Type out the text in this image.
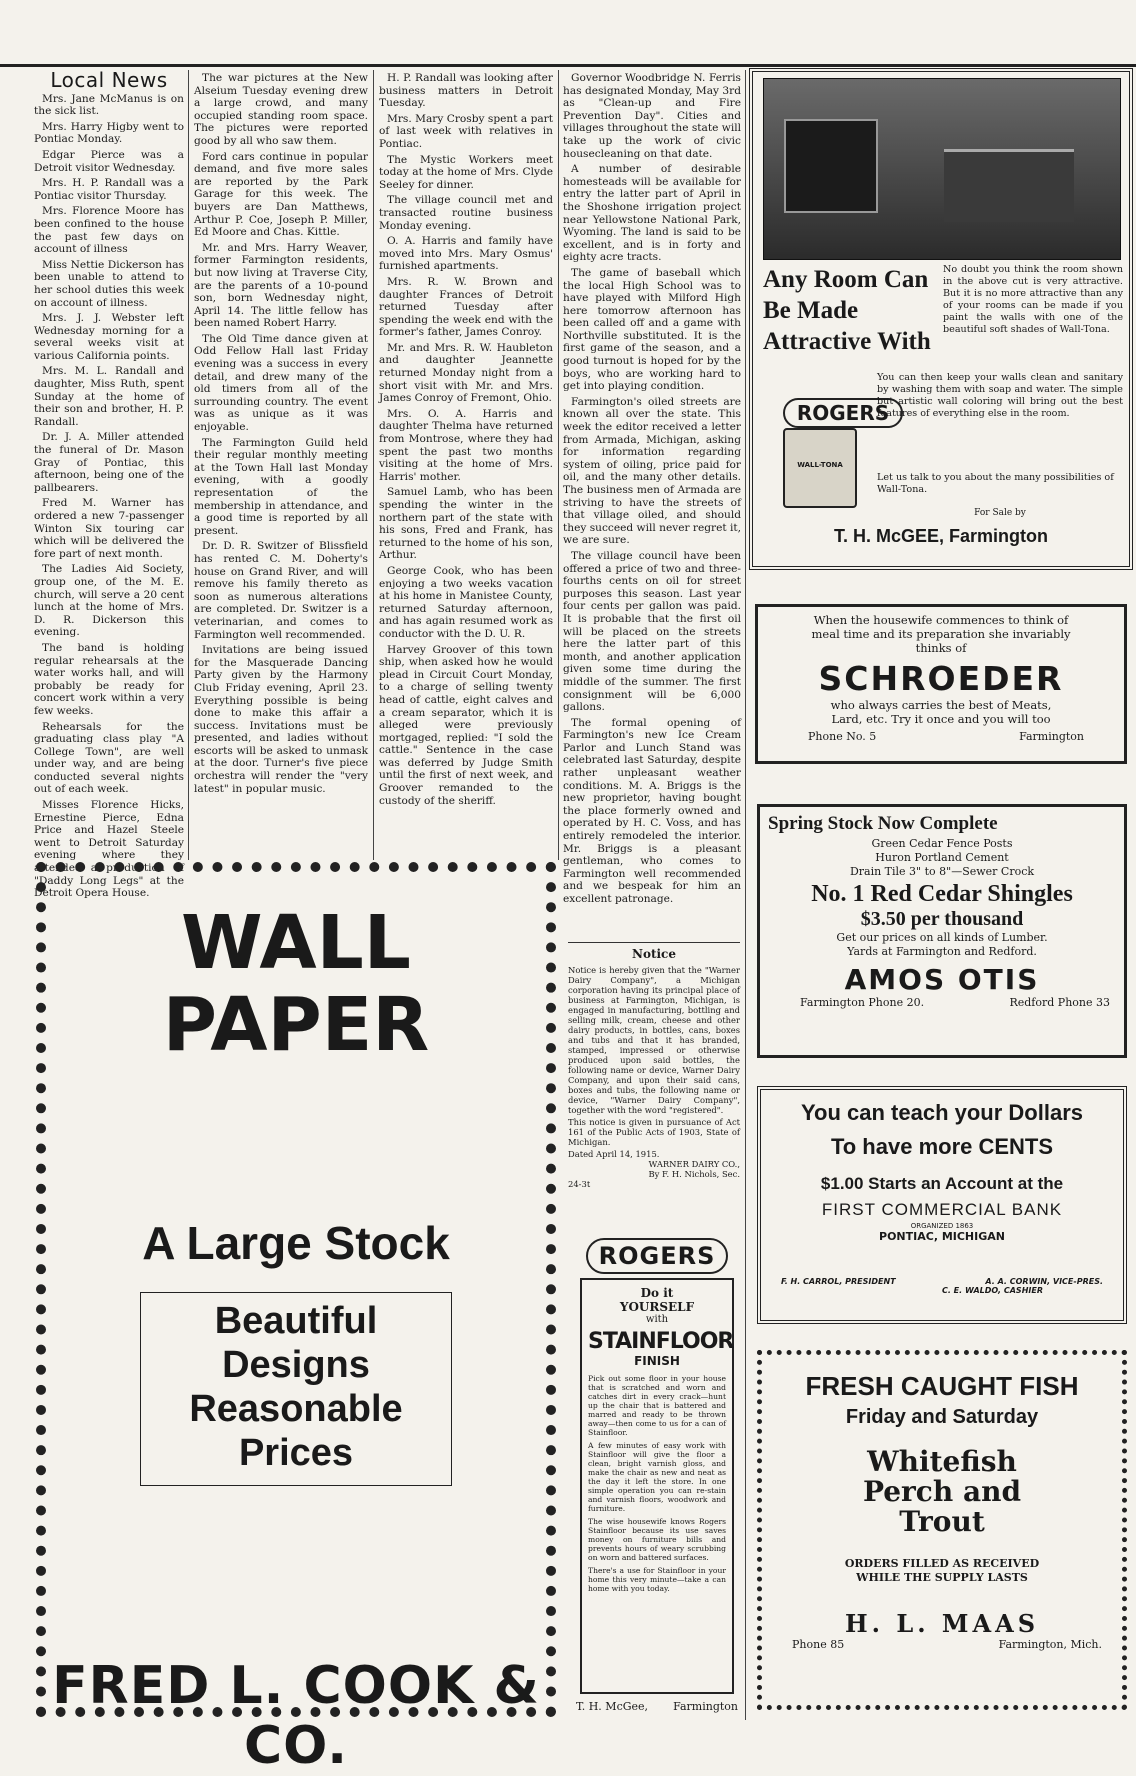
Local News

Mrs. Jane McManus is on the sick list.

Mrs. Harry Higby went to Pontiac Monday.

Edgar Pierce was a Detroit visitor Wednesday.

Mrs. H. P. Randall was a Pontiac visitor Thursday.

Mrs. Florence Moore has been confined to the house the past few days on account of illness

Miss Nettie Dickerson has been unable to attend to her school duties this week on account of illness.

Mrs. J. J. Webster left Wednesday morning for a several weeks visit at various California points.

Mrs. M. L. Randall and daughter, Miss Ruth, spent Sunday at the home of their son and brother, H. P. Randall.

Dr. J. A. Miller attended the funeral of Dr. Mason Gray of Pontiac, this afternoon, being one of the pallbearers.

Fred M. Warner has ordered a new 7-passenger Winton Six touring car which will be delivered the fore part of next month.

The Ladies Aid Society, group one, of the M. E. church, will serve a 20 cent lunch at the home of Mrs. D. R. Dickerson this evening.

The band is holding regular rehearsals at the water works hall, and will probably be ready for concert work within a very few weeks.

Rehearsals for the graduating class play "A College Town", are well under way, and are being conducted several nights out of each week.

Misses Florence Hicks, Ernestine Pierce, Edna Price and Hazel Steele went to Detroit Saturday evening where they attended a production of "Daddy Long Legs" at the Detroit Opera House.

The war pictures at the New Alseium Tuesday evening drew a large crowd, and many occupied standing room space. The pictures were reported good by all who saw them.

Ford cars continue in popular demand, and five more sales are reported by the Park Garage for this week. The buyers are Dan Matthews, Arthur P. Coe, Joseph P. Miller, Ed Moore and Chas. Kittle.

Mr. and Mrs. Harry Weaver, former Farmington residents, but now living at Traverse City, are the parents of a 10-pound son, born Wednesday night, April 14. The little fellow has been named Robert Harry.

The Old Time dance given at Odd Fellow Hall last Friday evening was a success in every detail, and drew many of the old timers from all of the surrounding country. The event was as unique as it was enjoyable.

The Farmington Guild held their regular monthly meeting at the Town Hall last Monday evening, with a goodly representation of the membership in attendance, and a good time is reported by all present.

Dr. D. R. Switzer of Blissfield has rented C. M. Doherty's house on Grand River, and will remove his family thereto as soon as numerous alterations are completed. Dr. Switzer is a veterinarian, and comes to Farmington well recommended.

Invitations are being issued for the Masquerade Dancing Party given by the Harmony Club Friday evening, April 23. Everything possible is being done to make this affair a success. Invitations must be presented, and ladies without escorts will be asked to unmask at the door. Turner's five piece orchestra will render the "very latest" in popular music.

H. P. Randall was looking after business matters in Detroit Tuesday.

Mrs. Mary Crosby spent a part of last week with relatives in Pontiac.

The Mystic Workers meet today at the home of Mrs. Clyde Seeley for dinner.

The village council met and transacted routine business Monday evening.

O. A. Harris and family have moved into Mrs. Mary Osmus' furnished apartments.

Mrs. R. W. Brown and daughter Frances of Detroit returned Tuesday after spending the week end with the former's father, James Conroy.

Mr. and Mrs. R. W. Haubleton and daughter Jeannette returned Monday night from a short visit with Mr. and Mrs. James Conroy of Fremont, Ohio.

Mrs. O. A. Harris and daughter Thelma have returned from Montrose, where they had spent the past two months visiting at the home of Mrs. Harris' mother.

Samuel Lamb, who has been spending the winter in the northern part of the state with his sons, Fred and Frank, has returned to the home of his son, Arthur.

George Cook, who has been enjoying a two weeks vacation at his home in Manistee County, returned Saturday afternoon, and has again resumed work as conductor with the D. U. R.

Harvey Groover of this town ship, when asked how he would plead in Circuit Court Monday, to a charge of selling twenty head of cattle, eight calves and a cream separator, which it is alleged were previously mortgaged, replied: "I sold the cattle." Sentence in the case was deferred by Judge Smith until the first of next week, and Groover remanded to the custody of the sheriff.

Governor Woodbridge N. Ferris has designated Monday, May 3rd as "Clean-up and Fire Prevention Day". Cities and villages throughout the state will take up the work of civic housecleaning on that date.

A number of desirable homesteads will be available for entry the latter part of April in the Shoshone irrigation project near Yellowstone National Park, Wyoming. The land is said to be excellent, and is in forty and eighty acre tracts.

The game of baseball which the local High School was to have played with Milford High here tomorrow afternoon has been called off and a game with Northville substituted. It is the first game of the season, and a good turnout is hoped for by the boys, who are working hard to get into playing condition.

Farmington's oiled streets are known all over the state. This week the editor received a letter from Armada, Michigan, asking for information regarding system of oiling, price paid for oil, and the many other details. The business men of Armada are striving to have the streets of that village oiled, and should they succeed will never regret it, we are sure.

The village council have been offered a price of two and three-fourths cents on oil for street purposes this season. Last year four cents per gallon was paid. It is probable that the first oil will be placed on the streets here the latter part of this month, and another application given some time during the middle of the summer. The first consignment will be 6,000 gallons.

The formal opening of Farmington's new Ice Cream Parlor and Lunch Stand was celebrated last Saturday, despite rather unpleasant weather conditions. M. A. Briggs is the new proprietor, having bought the place formerly owned and operated by H. C. Voss, and has entirely remodeled the interior. Mr. Briggs is a pleasant gentleman, who comes to Farmington well recommended and we bespeak for him an excellent patronage.

WALL PAPER
A Large Stock
Beautiful
Designs
Reasonable
Prices
FRED L. COOK & CO.
Notice
Notice is hereby given that the "Warner Dairy Company", a Michigan corporation having its principal place of business at Farmington, Michigan, is engaged in manufacturing, bottling and selling milk, cream, cheese and other dairy products, in bottles, cans, boxes and tubs and that it has branded, stamped, impressed or otherwise produced upon said bottles, the following name or device, Warner Dairy Company, and upon their said cans, boxes and tubs, the following name or device, "Warner Dairy Company", together with the word "registered".
This notice is given in pursuance of Act 161 of the Public Acts of 1903, State of Michigan.
Dated April 14, 1915.
WARNER DAIRY CO.,
By F. H. Nichols, Sec.
24-3t
ROGERS
Do it
YOURSELF
with
STAINFLOOR
FINISH
Pick out some floor in your house that is scratched and worn and catches dirt in every crack—hunt up the chair that is battered and marred and ready to be thrown away—then come to us for a can of Stainfloor.
A few minutes of easy work with Stainfloor will give the floor a clean, bright varnish gloss, and make the chair as new and neat as the day it left the store. In one simple operation you can re-stain and varnish floors, woodwork and furniture.
The wise housewife knows Rogers Stainfloor because its use saves money on furniture bills and prevents hours of weary scrubbing on worn and battered surfaces.
There's a use for Stainfloor in your home this very minute—take a can home with you today.
T. H. McGee, Farmington
Any Room Can Be Made Attractive With
ROGERS
WALL-TONA
No doubt you think the room shown in the above cut is very attractive. But it is no more attractive than any of your rooms can be made if you paint the walls with one of the beautiful soft shades of Wall-Tona.
You can then keep your walls clean and sanitary by washing them with soap and water. The simple but artistic wall coloring will bring out the best features of everything else in the room.
Let us talk to you about the many possibilities of Wall-Tona.
For Sale by
T. H. McGEE, Farmington
When the housewife commences to think of meal time and its preparation she invariably thinks of
SCHROEDER
who always carries the best of Meats, Lard, etc. Try it once and you will too
Phone No. 5	Farmington
Spring Stock Now Complete
Green Cedar Fence Posts
Huron Portland Cement
Drain Tile 3" to 8"—Sewer Crock
No. 1 Red Cedar Shingles
$3.50 per thousand
Get our prices on all kinds of Lumber.
Yards at Farmington and Redford.
AMOS OTIS
Farmington Phone 20.	Redford Phone 33
You can teach your Dollars
To have more CENTS
$1.00 Starts an Account at the
FIRST COMMERCIAL BANK
ORGANIZED 1863
PONTIAC, MICHIGAN
F. H. CARROL, PRESIDENT	A. A. CORWIN, VICE-PRES.
C. E. WALDO, CASHIER
FRESH CAUGHT FISH
Friday and Saturday
Whitefish
Perch and
Trout
ORDERS FILLED AS RECEIVED WHILE THE SUPPLY LASTS
H. L. MAAS
Phone 85	Farmington, Mich.
